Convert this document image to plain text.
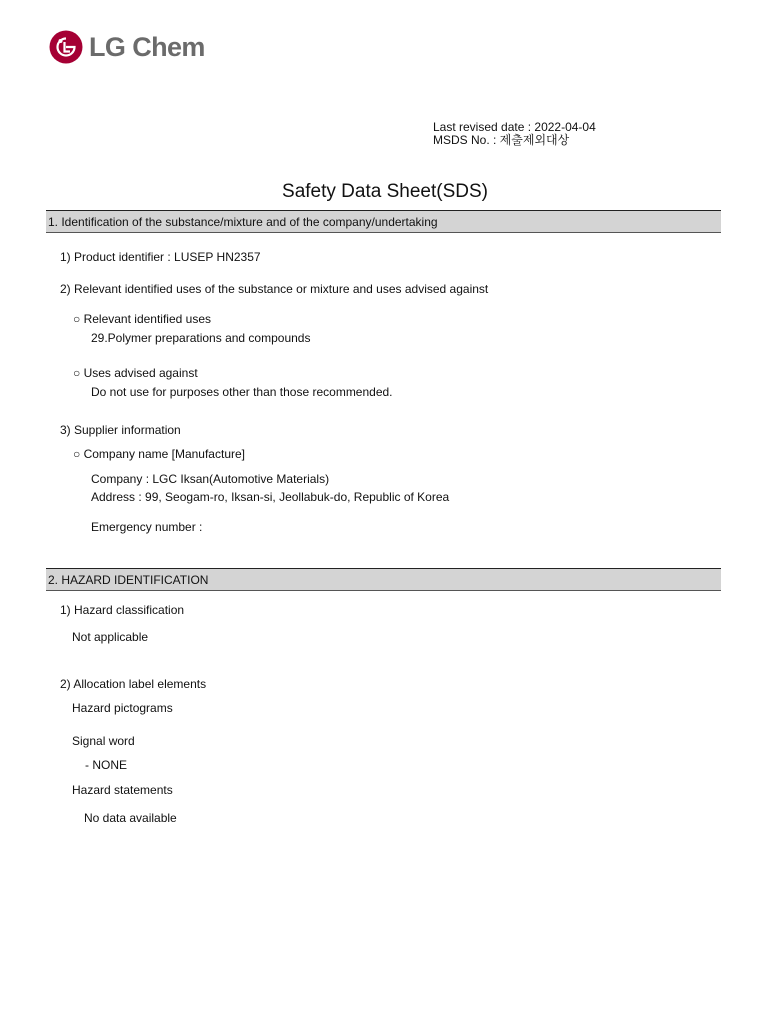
LG Chem
Last revised date : 2022-04-04
MSDS No. : 제출제외대상
Safety Data Sheet(SDS)
1. Identification of the substance/mixture and of the company/undertaking
1) Product identifier : LUSEP HN2357
2) Relevant identified uses of the substance or mixture and uses advised against
○ Relevant identified uses
29.Polymer preparations and compounds
○ Uses advised against
Do not use for purposes other than those recommended.
3) Supplier information
○ Company name [Manufacture]
Company : LGC Iksan(Automotive Materials)
Address : 99, Seogam-ro, Iksan-si, Jeollabuk-do, Republic of Korea
Emergency number :
2. HAZARD IDENTIFICATION
1) Hazard classification
Not applicable
2) Allocation label elements
Hazard pictograms
Signal word
- NONE
Hazard statements
No data available
